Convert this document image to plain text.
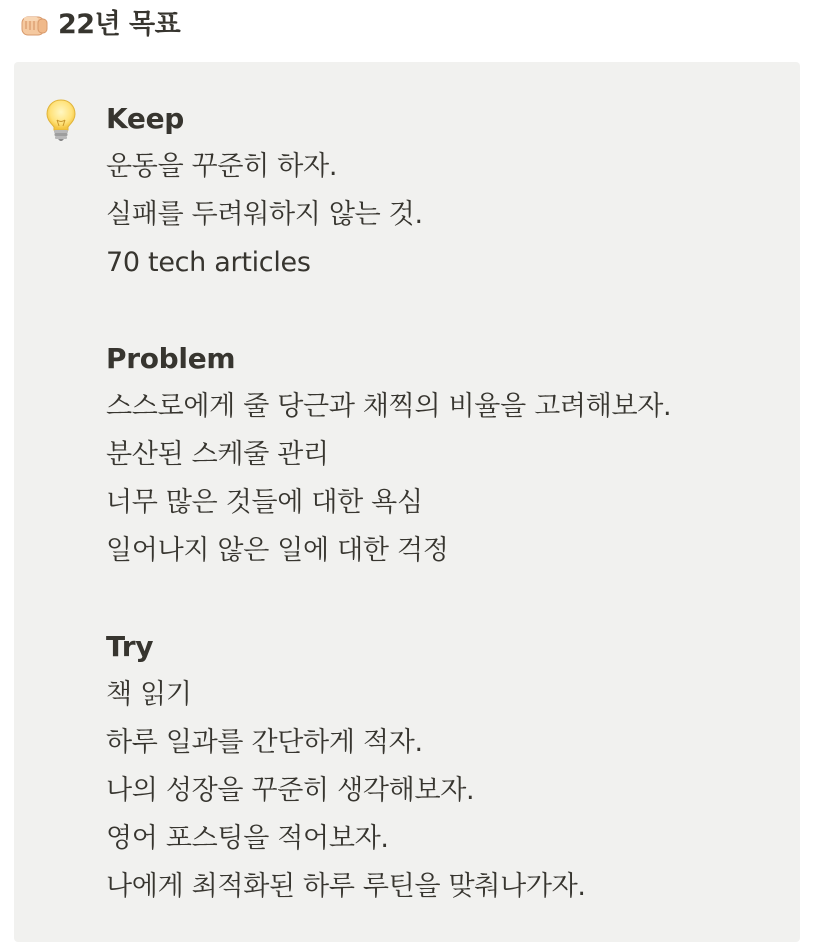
22년 목표
Keep
운동을 꾸준히 하자.
실패를 두려워하지 않는 것.
70 tech articles
Problem
스스로에게 줄 당근과 채찍의 비율을 고려해보자.
분산된 스케줄 관리
너무 많은 것들에 대한 욕심
일어나지 않은 일에 대한 걱정
Try
책 읽기
하루 일과를 간단하게 적자.
나의 성장을 꾸준히 생각해보자.
영어 포스팅을 적어보자.
나에게 최적화된 하루 루틴을 맞춰나가자.
